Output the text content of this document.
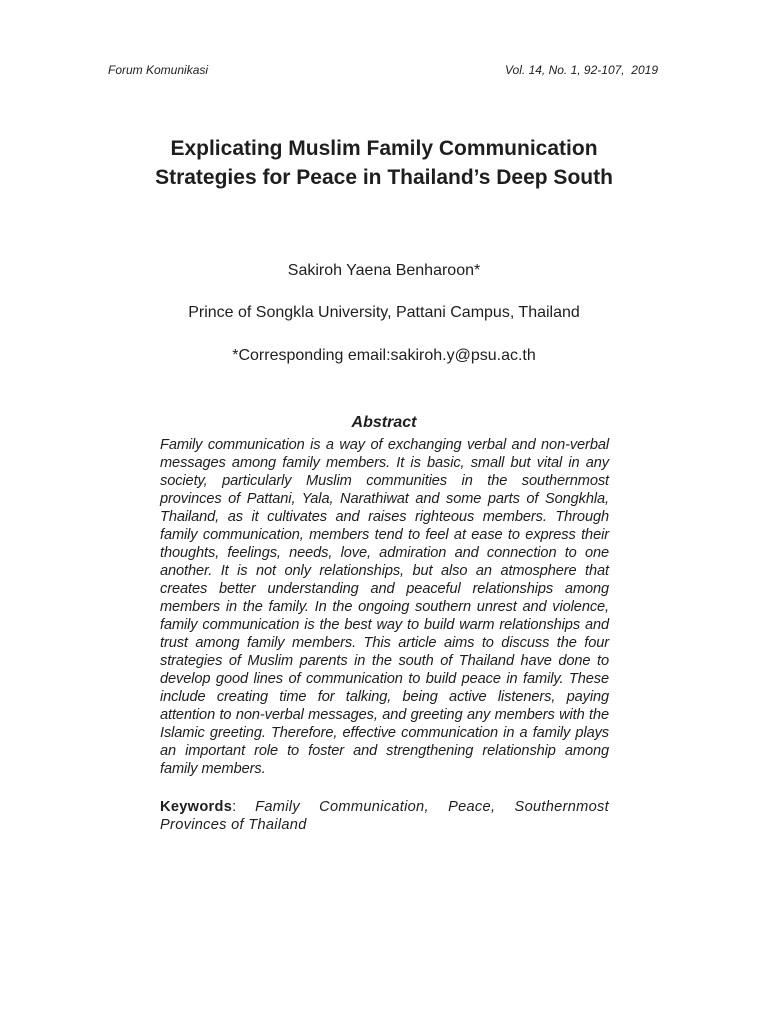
Forum Komunikasi	Vol. 14, No. 1, 92-107,  2019
Explicating Muslim Family Communication
Strategies for Peace in Thailand’s Deep South
Sakiroh Yaena Benharoon*
Prince of Songkla University, Pattani Campus, Thailand
*Corresponding email:sakiroh.y@psu.ac.th
Abstract
Family communication is a way of exchanging verbal and non-verbal messages among family members. It is basic, small but vital in any society, particularly Muslim communities in the southernmost provinces of Pattani, Yala, Narathiwat and some parts of Songkhla, Thailand, as it cultivates and raises righteous members. Through family communication, members tend to feel at ease to express their thoughts, feelings, needs, love, admiration and connection to one another. It is not only relationships, but also an atmosphere that creates better understanding and peaceful relationships among members in the family. In the ongoing southern unrest and violence, family communication is the best way to build warm relationships and trust among family members. This article aims to discuss the four strategies of Muslim parents in the south of Thailand have done to develop good lines of communication to build peace in family. These include creating time for talking, being active listeners, paying attention to non-verbal messages, and greeting any members with the Islamic greeting. Therefore, effective communication in a family plays an important role to foster and strengthening relationship among family members.
Keywords: Family Communication, Peace, Southernmost Provinces of Thailand
